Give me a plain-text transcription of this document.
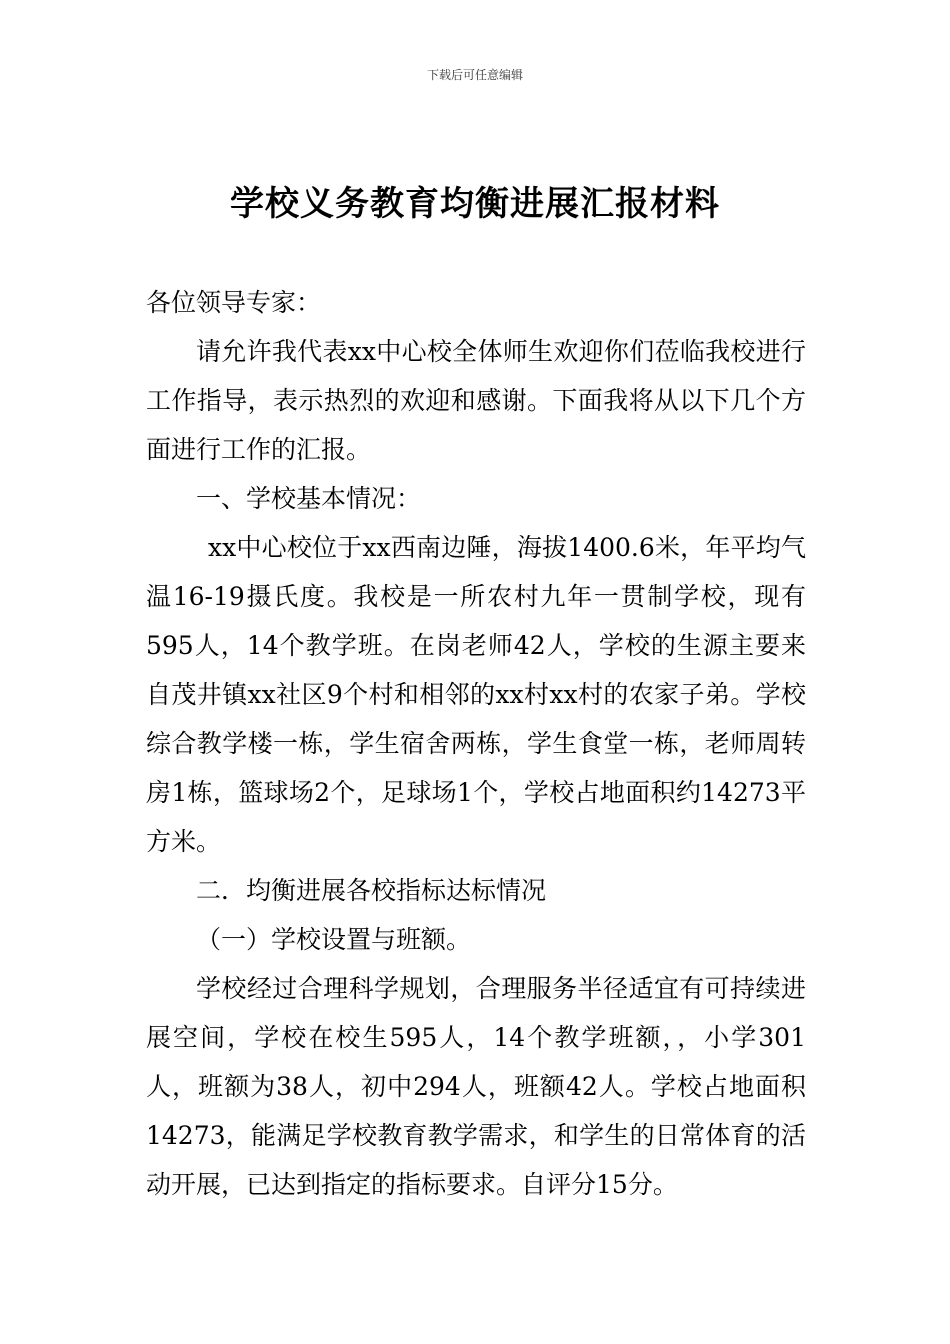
下载后可任意编辑
学校义务教育均衡进展汇报材料

各位领导专家：

请允许我代表xx中心校全体师生欢迎你们莅临我校进行工作指导，表示热烈的欢迎和感谢。下面我将从以下几个方面进行工作的汇报。

一、学校基本情况：

xx中心校位于xx西南边陲，海拔1400.6米，年平均气温16-19摄氏度。我校是一所农村九年一贯制学校，现有595人，14个教学班。在岗老师42人，学校的生源主要来自茂井镇xx社区9个村和相邻的xx村xx村的农家子弟。学校综合教学楼一栋，学生宿舍两栋，学生食堂一栋，老师周转房1栋，篮球场2个，足球场1个，学校占地面积约14273平方米。

二．均衡进展各校指标达标情况

（一）学校设置与班额。

学校经过合理科学规划，合理服务半径适宜有可持续进展空间，学校在校生595人，14个教学班额，，小学301人，班额为38人，初中294人，班额42人。学校占地面积14273，能满足学校教育教学需求，和学生的日常体育的活动开展，已达到指定的指标要求。自评分15分。
